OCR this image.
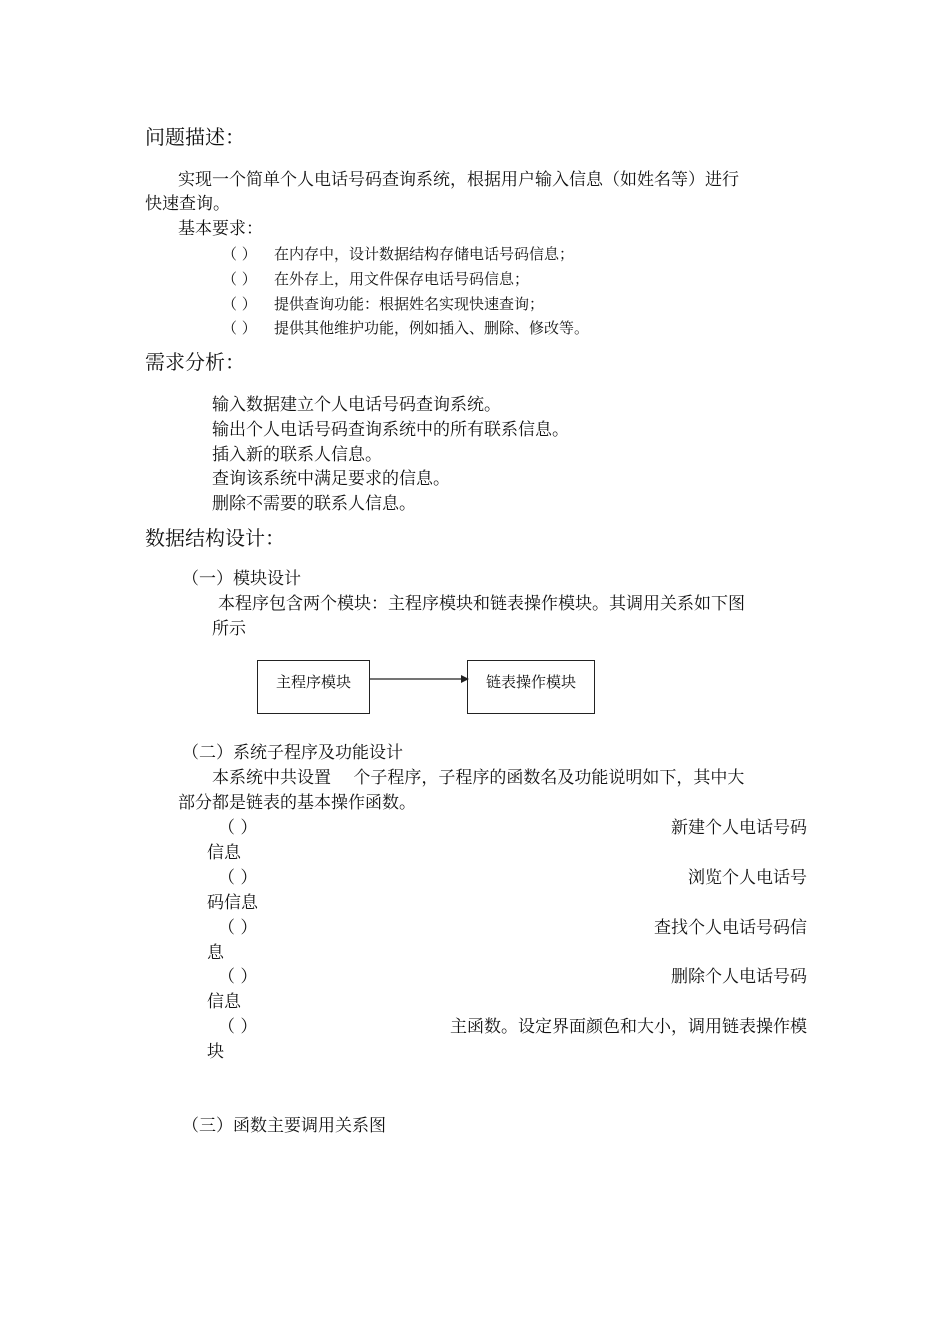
问题描述：
实现一个简单个人电话号码查询系统，根据用户输入信息（如姓名等）进行
快速查询。
基本要求：
（ ） 在内存中，设计数据结构存储电话号码信息；
（ ） 在外存上，用文件保存电话号码信息；
（ ） 提供查询功能：根据姓名实现快速查询；
（ ） 提供其他维护功能，例如插入、删除、修改等。
需求分析：
输入数据建立个人电话号码查询系统。
输出个人电话号码查询系统中的所有联系信息。
插入新的联系人信息。
查询该系统中满足要求的信息。
删除不需要的联系人信息。
数据结构设计：
（一）模块设计
本程序包含两个模块：主程序模块和链表操作模块。其调用关系如下图
所示
主程序模块	链表操作模块
（二）系统子程序及功能设计
本系统中共设置　 个子程序，子程序的函数名及功能说明如下，其中大
部分都是链表的基本操作函数。
（ ）	新建个人电话号码
信息
（ ）	浏览个人电话号
码信息
（ ）	查找个人电话号码信
息
（ ）	删除个人电话号码
信息
（ ）	主函数。设定界面颜色和大小，调用链表操作模
块
（三）函数主要调用关系图
